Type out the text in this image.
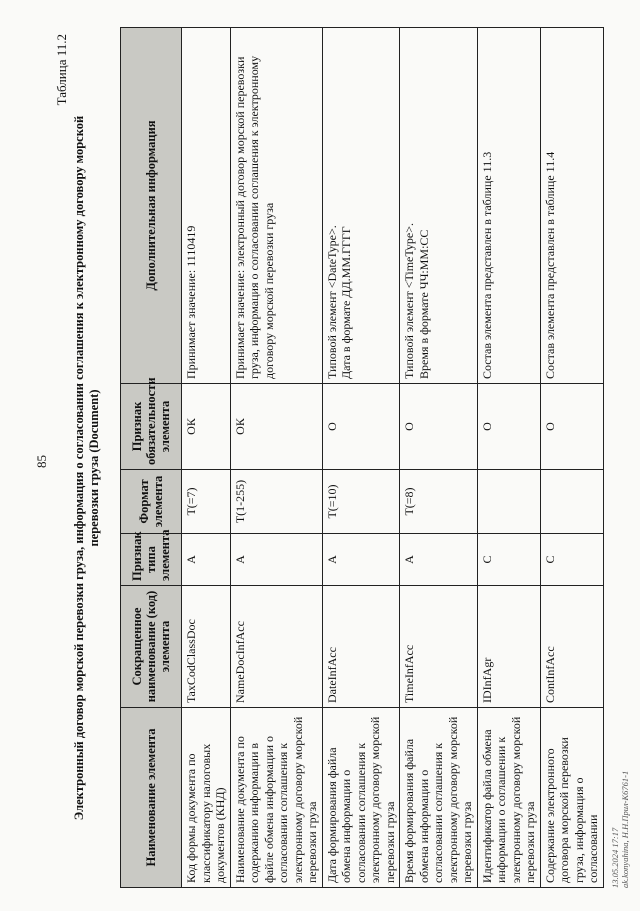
85
Таблица 11.2
Электронный договор морской перевозки груза, информация о согласовании соглашения к электронному договору морской перевозки груза (Document)
Наименование элемента	Сокращенное наименование (код) элемента	Признак типа элемента	Формат элемента	Признак обязательности элемента	Дополнительная информация
Код формы документа по классификатору налоговых документов (КНД)	TaxCodClassDoc	A	T(=7)	ОК	Принимает значение: 1110419
Наименование документа по содержанию информации в файле обмена информации о согласовании соглашения к электронному договору морской перевозки груза	NameDocInfAcc	A	T(1-255)	ОК	Принимает значение: электронный договор морской перевозки груза, информация о согласовании соглашения к электронному договору морской перевозки груза
Дата формирования файла обмена информации о согласовании соглашения к электронному договору морской перевозки груза	DateInfAcc	A	T(=10)	О	Типовой элемент <DateType>.
Дата в формате ДД.ММ.ГГГГ
Время формирования файла обмена информации о согласовании соглашения к электронному договору морской перевозки груза	TimeInfAcc	A	T(=8)	О	Типовой элемент <TimeType>.
Время в формате ЧЧ:ММ:СС
Идентификатор файла обмена информации о соглашении к электронному договору морской перевозки груза	IDInfAgr	С		О	Состав элемента представлен в таблице 11.3
Содержание электронного договора морской перевозки груза, информация о согласовании	ContInfAcc	С		О	Состав элемента представлен в таблице 11.4
13.05.2024 17:17 ak.konyahina, Н.Н.Прил-К6761-1
